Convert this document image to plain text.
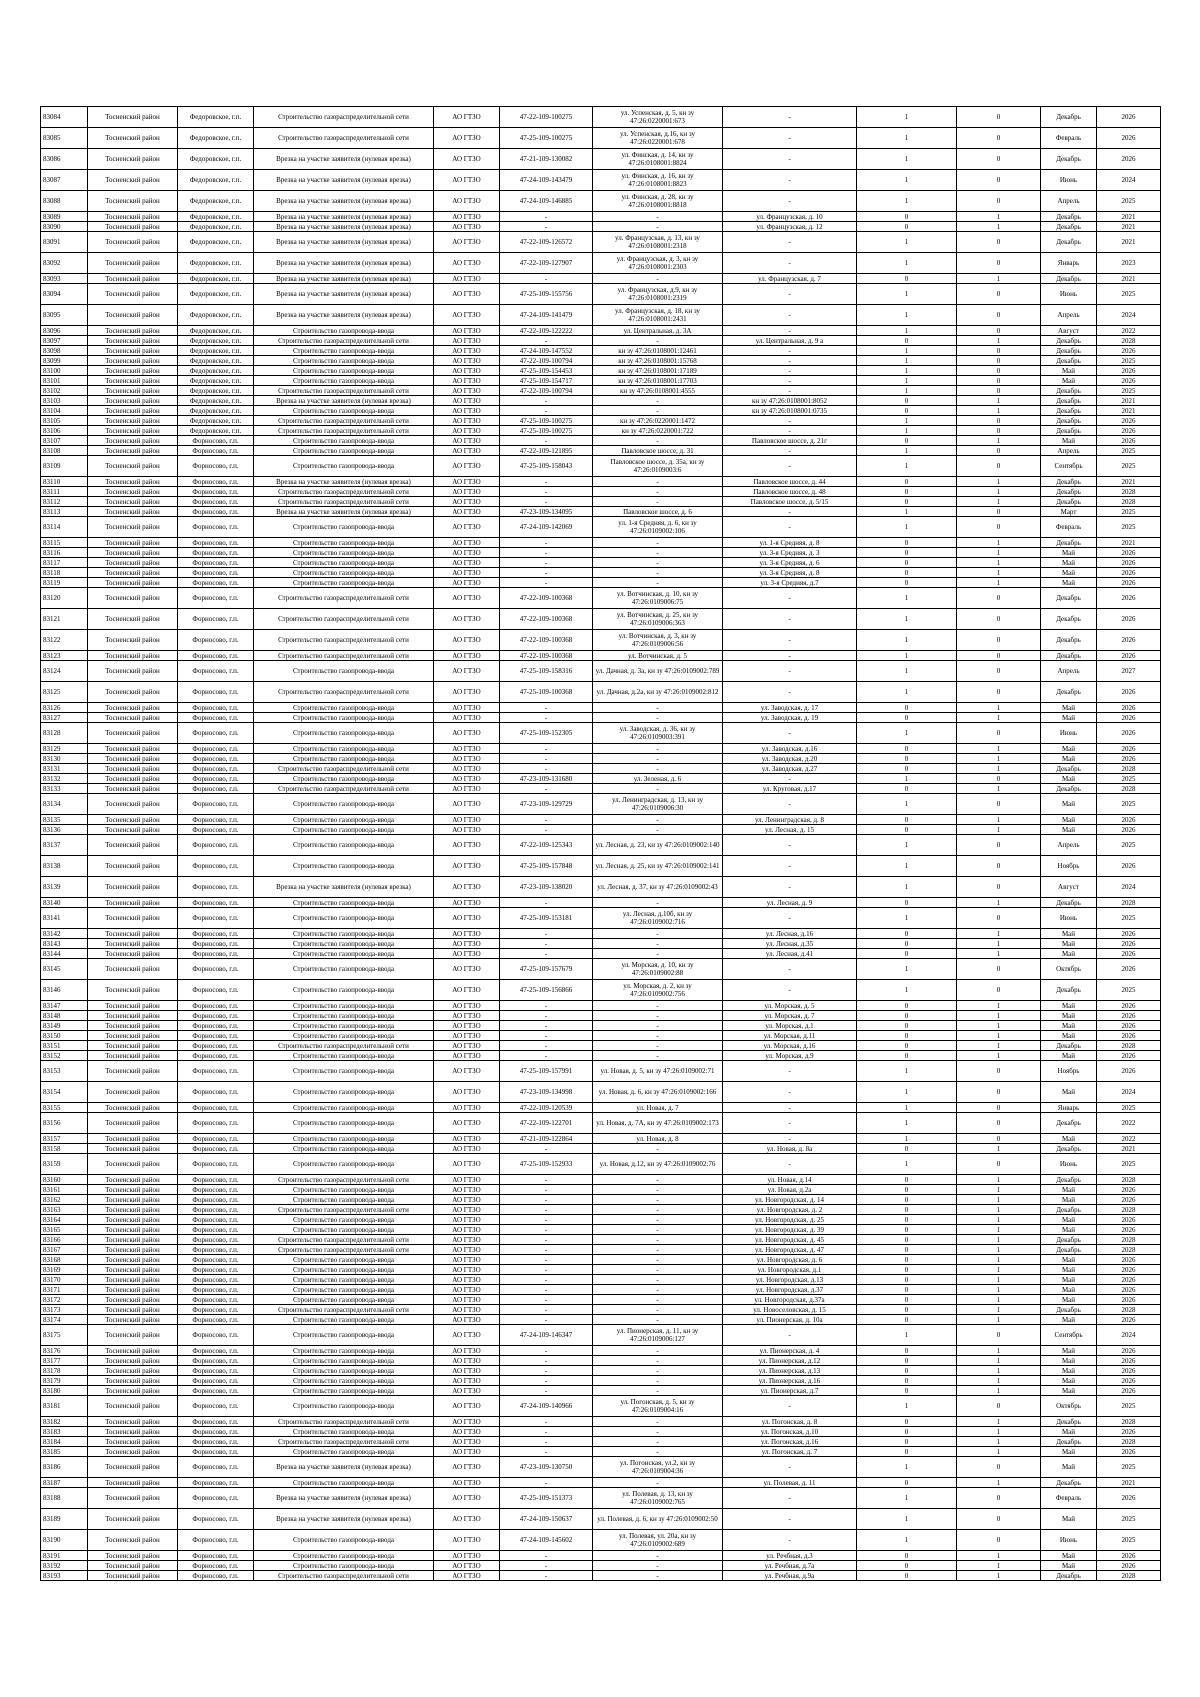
83084	Тосненский район	Федоровское, г.п.	Строительство газораспределительной сети	АО ГТЗО	47-22-109-100275	ул. Успенская, д. 5, кн зу 47:26:0220001:673	-	1	0	Декабрь	2026
83085	Тосненский район	Федоровское, г.п.	Строительство газораспределительной сети	АО ГТЗО	47-25-109-100275	ул. Успенская, д.16, кн зу 47:26:0220001:678	-	1	0	Февраль	2026
83086	Тосненский район	Федоровское, г.п.	Врезка на участке заявителя (нулевая врезка)	АО ГТЗО	47-21-109-130082	ул. Финская, д. 14, кн зу 47:26:0108001:8824	-	1	0	Декабрь	2026
83087	Тосненский район	Федоровское, г.п.	Врезка на участке заявителя (нулевая врезка)	АО ГТЗО	47-24-109-143479	ул. Финская, д. 16, кн зу 47:26:0108001:8823	-	1	0	Июнь	2024
83088	Тосненский район	Федоровское, г.п.	Врезка на участке заявителя (нулевая врезка)	АО ГТЗО	47-24-109-146885	ул. Финская, д. 28, кн зу 47:26:0108001:8818	-	1	0	Апрель	2025
83089	Тосненский район	Федоровское, г.п.	Врезка на участке заявителя (нулевая врезка)	АО ГТЗО	-	-	ул. Французская, д. 10	0	1	Декабрь	2021
83090	Тосненский район	Федоровское, г.п.	Врезка на участке заявителя (нулевая врезка)	АО ГТЗО	-	-	ул. Французская, д. 12	0	1	Декабрь	2021
83091	Тосненский район	Федоровское, г.п.	Врезка на участке заявителя (нулевая врезка)	АО ГТЗО	47-22-109-126572	ул. Французская, д. 13, кн зу 47:26:0108001:2318	-	1	0	Декабрь	2021
83092	Тосненский район	Федоровское, г.п.	Врезка на участке заявителя (нулевая врезка)	АО ГТЗО	47-22-109-127907	ул. Французская, д. 3, кн зу 47:26:0108001:2303	-	1	0	Январь	2023
83093	Тосненский район	Федоровское, г.п.	Врезка на участке заявителя (нулевая врезка)	АО ГТЗО	-	-	ул. Французская, д. 7	0	1	Декабрь	2021
83094	Тосненский район	Федоровское, г.п.	Врезка на участке заявителя (нулевая врезка)	АО ГТЗО	47-25-109-155756	ул. Французская, д.9, кн зу 47:26:0108001:2319	-	1	0	Июнь	2025
83095	Тосненский район	Федоровское, г.п.	Врезка на участке заявителя (нулевая врезка)	АО ГТЗО	47-24-109-141479	ул. Французская, д. 18, кн зу 47:26:0108001:2431	-	1	0	Апрель	2024
83096	Тосненский район	Федоровское, г.п.	Строительство газопровода-ввода	АО ГТЗО	47-22-109-122222	ул. Центральная, д. 3А	-	1	0	Август	2022
83097	Тосненский район	Федоровское, г.п.	Строительство газораспределительной сети	АО ГТЗО	-	-	ул. Центральная, д. 9 а	0	1	Декабрь	2028
83098	Тосненский район	Федоровское, г.п.	Строительство газопровода-ввода	АО ГТЗО	47-24-109-147552	кн зу 47:26:0108001:12461	-	1	0	Декабрь	2026
83099	Тосненский район	Федоровское, г.п.	Строительство газопровода-ввода	АО ГТЗО	47-22-109-100794	кн зу 47:26:0108001:15768	-	1	0	Декабрь	2025
83100	Тосненский район	Федоровское, г.п.	Строительство газопровода-ввода	АО ГТЗО	47-25-109-154453	кн зу 47:26:0108001:17189	-	1	0	Май	2026
83101	Тосненский район	Федоровское, г.п.	Строительство газопровода-ввода	АО ГТЗО	47-25-109-154717	кн зу 47:26:0108001:17703	-	1	0	Май	2026
83102	Тосненский район	Федоровское, г.п.	Строительство газораспределительной сети	АО ГТЗО	47-22-109-100794	кн зу 47:26:0108001:4555	-	1	0	Декабрь	2025
83103	Тосненский район	Федоровское, г.п.	Врезка на участке заявителя (нулевая врезка)	АО ГТЗО	-	-	кн зу 47:26:0108001:8052	0	1	Декабрь	2021
83104	Тосненский район	Федоровское, г.п.	Строительство газопровода-ввода	АО ГТЗО	-	-	кн зу 47:26:0108001:0735	0	1	Декабрь	2021
83105	Тосненский район	Федоровское, г.п.	Строительство газораспределительной сети	АО ГТЗО	47-25-109-100275	кн зу 47:26:0220001:1472	-	1	0	Декабрь	2026
83106	Тосненский район	Федоровское, г.п.	Строительство газораспределительной сети	АО ГТЗО	47-25-109-100275	кн зу 47:26:0220001:722	-	1	0	Декабрь	2026
83107	Тосненский район	Форносово, г.п.	Строительство газопровода-ввода	АО ГТЗО	-	-	Павловское шоссе, д. 21г	0	1	Май	2026
83108	Тосненский район	Форносово, г.п.	Строительство газопровода-ввода	АО ГТЗО	47-22-109-121895	Павловское шоссе, д. 31	-	1	0	Апрель	2025
83109	Тосненский район	Форносово, г.п.	Строительство газопровода-ввода	АО ГТЗО	47-25-109-158043	Павловское шоссе, д. 35а, кн зу 47:26:0109003:6	-	1	0	Сентябрь	2025
83110	Тосненский район	Форносово, г.п.	Врезка на участке заявителя (нулевая врезка)	АО ГТЗО	-	-	Павловское шоссе, д. 44	0	1	Декабрь	2021
83111	Тосненский район	Форносово, г.п.	Строительство газораспределительной сети	АО ГТЗО	-	-	Павловское шоссе, д. 48	0	1	Декабрь	2028
83112	Тосненский район	Форносово, г.п.	Строительство газораспределительной сети	АО ГТЗО	-	-	Павловское шоссе, д. 5/15	0	1	Декабрь	2028
83113	Тосненский район	Форносово, г.п.	Врезка на участке заявителя (нулевая врезка)	АО ГТЗО	47-23-109-134095	Павловское шоссе, д. 6	-	1	0	Март	2025
83114	Тосненский район	Форносово, г.п.	Строительство газопровода-ввода	АО ГТЗО	47-24-109-142069	ул. 1-я Средняя, д. 6, кн зу 47:26:0109002:106	-	1	0	Февраль	2025
83115	Тосненский район	Форносово, г.п.	Строительство газопровода-ввода	АО ГТЗО	-	-	ул. 1-я Средняя, д. 8	0	1	Декабрь	2021
83116	Тосненский район	Форносово, г.п.	Строительство газопровода-ввода	АО ГТЗО	-	-	ул. 3-я Средняя, д. 3	0	1	Май	2026
83117	Тосненский район	Форносово, г.п.	Строительство газопровода-ввода	АО ГТЗО	-	-	ул. 3-я Средняя, д. 6	0	1	Май	2026
83118	Тосненский район	Форносово, г.п.	Строительство газопровода-ввода	АО ГТЗО	-	-	ул. 3-я Средняя, д. 8	0	1	Май	2026
83119	Тосненский район	Форносово, г.п.	Строительство газопровода-ввода	АО ГТЗО	-	-	ул. 3-я Средняя, д.7	0	1	Май	2026
83120	Тосненский район	Форносово, г.п.	Строительство газораспределительной сети	АО ГТЗО	47-22-109-100368	ул. Вотчинская, д. 10, кн зу 47:26:0109006:75	-	1	0	Декабрь	2026
83121	Тосненский район	Форносово, г.п.	Строительство газораспределительной сети	АО ГТЗО	47-22-109-100368	ул. Вотчинская, д. 25, кн зу 47:26:0109006:363	-	1	0	Декабрь	2026
83122	Тосненский район	Форносово, г.п.	Строительство газораспределительной сети	АО ГТЗО	47-22-109-100368	ул. Вотчинская, д. 3, кн зу 47:26:0109006:56	-	1	0	Декабрь	2026
83123	Тосненский район	Форносово, г.п.	Строительство газораспределительной сети	АО ГТЗО	47-22-109-100368	ул. Вотчинская, д. 5	-	1	0	Декабрь	2026
83124	Тосненский район	Форносово, г.п.	Строительство газопровода-ввода	АО ГТЗО	47-25-109-158316	ул. Дачная, д. 3а, кн зу 47:26:0109002:789	-	1	0	Апрель	2027
83125	Тосненский район	Форносово, г.п.	Строительство газораспределительной сети	АО ГТЗО	47-25-109-100368	ул. Дачная, д.2а, кн зу 47:26:0109002:812	-	1	0	Декабрь	2026
83126	Тосненский район	Форносово, г.п.	Строительство газопровода-ввода	АО ГТЗО	-	-	ул. Заводская, д. 17	0	1	Май	2026
83127	Тосненский район	Форносово, г.п.	Строительство газопровода-ввода	АО ГТЗО	-	-	ул. Заводская, д. 19	0	1	Май	2026
83128	Тосненский район	Форносово, г.п.	Строительство газопровода-ввода	АО ГТЗО	47-25-109-152305	ул. Заводская, д. 36, кн зу 47:26:0109003:391	-	1	0	Июнь	2026
83129	Тосненский район	Форносово, г.п.	Строительство газопровода-ввода	АО ГТЗО	-	-	ул. Заводская, д.16	0	1	Май	2026
83130	Тосненский район	Форносово, г.п.	Строительство газопровода-ввода	АО ГТЗО	-	-	ул. Заводская, д.20	0	1	Май	2026
83131	Тосненский район	Форносово, г.п.	Строительство газораспределительной сети	АО ГТЗО	-	-	ул. Заводская, д.27	0	1	Декабрь	2028
83132	Тосненский район	Форносово, г.п.	Строительство газопровода-ввода	АО ГТЗО	47-23-109-131680	ул. Зеленая, д. 6	-	1	0	Май	2025
83133	Тосненский район	Форносово, г.п.	Строительство газораспределительной сети	АО ГТЗО	-	-	ул. Круговая, д.17	0	1	Декабрь	2028
83134	Тосненский район	Форносово, г.п.	Строительство газопровода-ввода	АО ГТЗО	47-23-109-129729	ул. Ленинградская, д. 13, кн зу 47:26:0109006:30	-	1	0	Май	2025
83135	Тосненский район	Форносово, г.п.	Строительство газопровода-ввода	АО ГТЗО	-	-	ул. Ленинградская, д. 8	0	1	Май	2026
83136	Тосненский район	Форносово, г.п.	Строительство газопровода-ввода	АО ГТЗО	-	-	ул. Лесная, д. 15	0	1	Май	2026
83137	Тосненский район	Форносово, г.п.	Строительство газопровода-ввода	АО ГТЗО	47-22-109-125343	ул. Лесная, д. 23, кн зу 47:26:0109002:140	-	1	0	Апрель	2025
83138	Тосненский район	Форносово, г.п.	Строительство газопровода-ввода	АО ГТЗО	47-25-109-157848	ул. Лесная, д. 25, кн зу 47:26:0109002:141	-	1	0	Ноябрь	2026
83139	Тосненский район	Форносово, г.п.	Врезка на участке заявителя (нулевая врезка)	АО ГТЗО	47-23-109-138020	ул. Лесная, д. 37, кн зу 47:26:0109002:43	-	1	0	Август	2024
83140	Тосненский район	Форносово, г.п.	Строительство газопровода-ввода	АО ГТЗО	-	-	ул. Лесная, д. 9	0	1	Декабрь	2028
83141	Тосненский район	Форносово, г.п.	Строительство газопровода-ввода	АО ГТЗО	47-25-109-153181	ул. Лесная, д.10б, кн зу 47:26:0109002:716	-	1	0	Июнь	2025
83142	Тосненский район	Форносово, г.п.	Строительство газопровода-ввода	АО ГТЗО	-	-	ул. Лесная, д.16	0	1	Май	2026
83143	Тосненский район	Форносово, г.п.	Строительство газопровода-ввода	АО ГТЗО	-	-	ул. Лесная, д.35	0	1	Май	2026
83144	Тосненский район	Форносово, г.п.	Строительство газопровода-ввода	АО ГТЗО	-	-	ул. Лесная, д.41	0	1	Май	2026
83145	Тосненский район	Форносово, г.п.	Строительство газопровода-ввода	АО ГТЗО	47-25-109-157679	ул. Морская, д. 10, кн зу 47:26:0109002:88	-	1	0	Октябрь	2026
83146	Тосненский район	Форносово, г.п.	Строительство газопровода-ввода	АО ГТЗО	47-25-109-156866	ул. Морская, д. 2, кн зу 47:26:0109002:756	-	1	0	Декабрь	2025
83147	Тосненский район	Форносово, г.п.	Строительство газопровода-ввода	АО ГТЗО	-	-	ул. Морская, д. 5	0	1	Май	2026
83148	Тосненский район	Форносово, г.п.	Строительство газопровода-ввода	АО ГТЗО	-	-	ул. Морская, д. 7	0	1	Май	2026
83149	Тосненский район	Форносово, г.п.	Строительство газопровода-ввода	АО ГТЗО	-	-	ул. Морская, д.1	0	1	Май	2026
83150	Тосненский район	Форносово, г.п.	Строительство газопровода-ввода	АО ГТЗО	-	-	ул. Морская, д.11	0	1	Май	2026
83151	Тосненский район	Форносово, г.п.	Строительство газораспределительной сети	АО ГТЗО	-	-	ул. Морская, д.16	0	1	Декабрь	2028
83152	Тосненский район	Форносово, г.п.	Строительство газопровода-ввода	АО ГТЗО	-	-	ул. Морская, д.9	0	1	Май	2026
83153	Тосненский район	Форносово, г.п.	Строительство газопровода-ввода	АО ГТЗО	47-25-109-157991	ул. Новая, д. 5, кн зу 47:26:0109002:71	-	1	0	Ноябрь	2026
83154	Тосненский район	Форносово, г.п.	Строительство газопровода-ввода	АО ГТЗО	47-23-109-134998	ул. Новая, д. 6, кн зу 47:26:0109002:166	-	1	0	Май	2024
83155	Тосненский район	Форносово, г.п.	Строительство газопровода-ввода	АО ГТЗО	47-22-109-120539	ул. Новая, д. 7	-	1	0	Январь	2025
83156	Тосненский район	Форносово, г.п.	Строительство газопровода-ввода	АО ГТЗО	47-22-109-122701	ул. Новая, д. 7А, кн зу 47:26:0109002:173	-	1	0	Декабрь	2022
83157	Тосненский район	Форносово, г.п.	Строительство газопровода-ввода	АО ГТЗО	47-21-109-122864	ул. Новая, д. 8	-	1	0	Май	2022
83158	Тосненский район	Форносово, г.п.	Строительство газопровода-ввода	АО ГТЗО	-	-	ул. Новая, д. 8а	0	1	Декабрь	2021
83159	Тосненский район	Форносово, г.п.	Строительство газопровода-ввода	АО ГТЗО	47-25-109-152933	ул. Новая, д.12, кн зу 47:26:0109002:76	-	1	0	Июнь	2025
83160	Тосненский район	Форносово, г.п.	Строительство газораспределительной сети	АО ГТЗО	-	-	ул. Новая, д.14	0	1	Декабрь	2028
83161	Тосненский район	Форносово, г.п.	Строительство газопровода-ввода	АО ГТЗО	-	-	ул. Новая, д.2а	0	1	Май	2026
83162	Тосненский район	Форносово, г.п.	Строительство газопровода-ввода	АО ГТЗО	-	-	ул. Новгородская, д. 14	0	1	Май	2026
83163	Тосненский район	Форносово, г.п.	Строительство газораспределительной сети	АО ГТЗО	-	-	ул. Новгородская, д. 2	0	1	Декабрь	2028
83164	Тосненский район	Форносово, г.п.	Строительство газопровода-ввода	АО ГТЗО	-	-	ул. Новгородская, д. 25	0	1	Май	2026
83165	Тосненский район	Форносово, г.п.	Строительство газопровода-ввода	АО ГТЗО	-	-	ул. Новгородская, д. 39	0	1	Май	2026
83166	Тосненский район	Форносово, г.п.	Строительство газораспределительной сети	АО ГТЗО	-	-	ул. Новгородская, д. 45	0	1	Декабрь	2028
83167	Тосненский район	Форносово, г.п.	Строительство газораспределительной сети	АО ГТЗО	-	-	ул. Новгородская, д. 47	0	1	Декабрь	2028
83168	Тосненский район	Форносово, г.п.	Строительство газопровода-ввода	АО ГТЗО	-	-	ул. Новгородская, д. 6	0	1	Май	2026
83169	Тосненский район	Форносово, г.п.	Строительство газопровода-ввода	АО ГТЗО	-	-	ул. Новгородская, д.1	0	1	Май	2026
83170	Тосненский район	Форносово, г.п.	Строительство газопровода-ввода	АО ГТЗО	-	-	ул. Новгородская, д.13	0	1	Май	2026
83171	Тосненский район	Форносово, г.п.	Строительство газопровода-ввода	АО ГТЗО	-	-	ул. Новгородская, д.37	0	1	Май	2026
83172	Тосненский район	Форносово, г.п.	Строительство газопровода-ввода	АО ГТЗО	-	-	ул. Новгородская, д.37а	0	1	Май	2026
83173	Тосненский район	Форносово, г.п.	Строительство газораспределительной сети	АО ГТЗО	-	-	ул. Новоселовская, д. 15	0	1	Декабрь	2028
83174	Тосненский район	Форносово, г.п.	Строительство газопровода-ввода	АО ГТЗО	-	-	ул. Пионерская, д. 10а	0	1	Май	2026
83175	Тосненский район	Форносово, г.п.	Строительство газопровода-ввода	АО ГТЗО	47-24-109-146347	ул. Пионерская, д. 11, кн зу 47:26:0109006:127	-	1	0	Сентябрь	2024
83176	Тосненский район	Форносово, г.п.	Строительство газопровода-ввода	АО ГТЗО	-	-	ул. Пионерская, д. 4	0	1	Май	2026
83177	Тосненский район	Форносово, г.п.	Строительство газопровода-ввода	АО ГТЗО	-	-	ул. Пионерская, д.12	0	1	Май	2026
83178	Тосненский район	Форносово, г.п.	Строительство газопровода-ввода	АО ГТЗО	-	-	ул. Пионерская, д.13	0	1	Май	2026
83179	Тосненский район	Форносово, г.п.	Строительство газопровода-ввода	АО ГТЗО	-	-	ул. Пионерская, д.16	0	1	Май	2026
83180	Тосненский район	Форносово, г.п.	Строительство газопровода-ввода	АО ГТЗО	-	-	ул. Пионерская, д.7	0	1	Май	2026
83181	Тосненский район	Форносово, г.п.	Строительство газопровода-ввода	АО ГТЗО	47-24-109-140966	ул. Погонская, д. 5, кн зу 47:26:0109004:16	-	1	0	Октябрь	2025
83182	Тосненский район	Форносово, г.п.	Строительство газораспределительной сети	АО ГТЗО	-	-	ул. Погонская, д. 8	0	1	Декабрь	2028
83183	Тосненский район	Форносово, г.п.	Строительство газопровода-ввода	АО ГТЗО	-	-	ул. Погонская, д.10	0	1	Май	2026
83184	Тосненский район	Форносово, г.п.	Строительство газораспределительной сети	АО ГТЗО	-	-	ул. Погонская, д.16	0	1	Декабрь	2028
83185	Тосненский район	Форносово, г.п.	Строительство газопровода-ввода	АО ГТЗО	-	-	ул. Погонская, д. 7	0	1	Май	2026
83186	Тосненский район	Форносово, г.п.	Врезка на участке заявителя (нулевая врезка)	АО ГТЗО	47-23-109-130750	ул. Погонская, ул.2, кн зу 47:26:0109004:36	-	1	0	Май	2025
83187	Тосненский район	Форносово, г.п.	Строительство газопровода-ввода	АО ГТЗО	-	-	ул. Полевая, д. 11	0	1	Декабрь	2021
83188	Тосненский район	Форносово, г.п.	Врезка на участке заявителя (нулевая врезка)	АО ГТЗО	47-25-109-151373	ул. Полевая, д. 13, кн зу 47:26:0109002:765	-	1	0	Февраль	2026
83189	Тосненский район	Форносово, г.п.	Врезка на участке заявителя (нулевая врезка)	АО ГТЗО	47-24-109-150637	ул. Полевая, д. 6, кн зу 47:26:0109002:50	-	1	0	Май	2025
83190	Тосненский район	Форносово, г.п.	Строительство газопровода-ввода	АО ГТЗО	47-24-109-145602	ул. Полевая, ул. 20а, кн зу 47:26:0109002:689	-	1	0	Июнь	2025
83191	Тосненский район	Форносово, г.п.	Строительство газопровода-ввода	АО ГТЗО	-	-	ул. Речбная, д.3	0	1	Май	2026
83192	Тосненский район	Форносово, г.п.	Строительство газопровода-ввода	АО ГТЗО	-	-	ул. Речбная, д.7а	0	1	Май	2026
83193	Тосненский район	Форносово, г.п.	Строительство газораспределительной сети	АО ГТЗО	-	-	ул. Речбная, д.9а	0	1	Декабрь	2028
